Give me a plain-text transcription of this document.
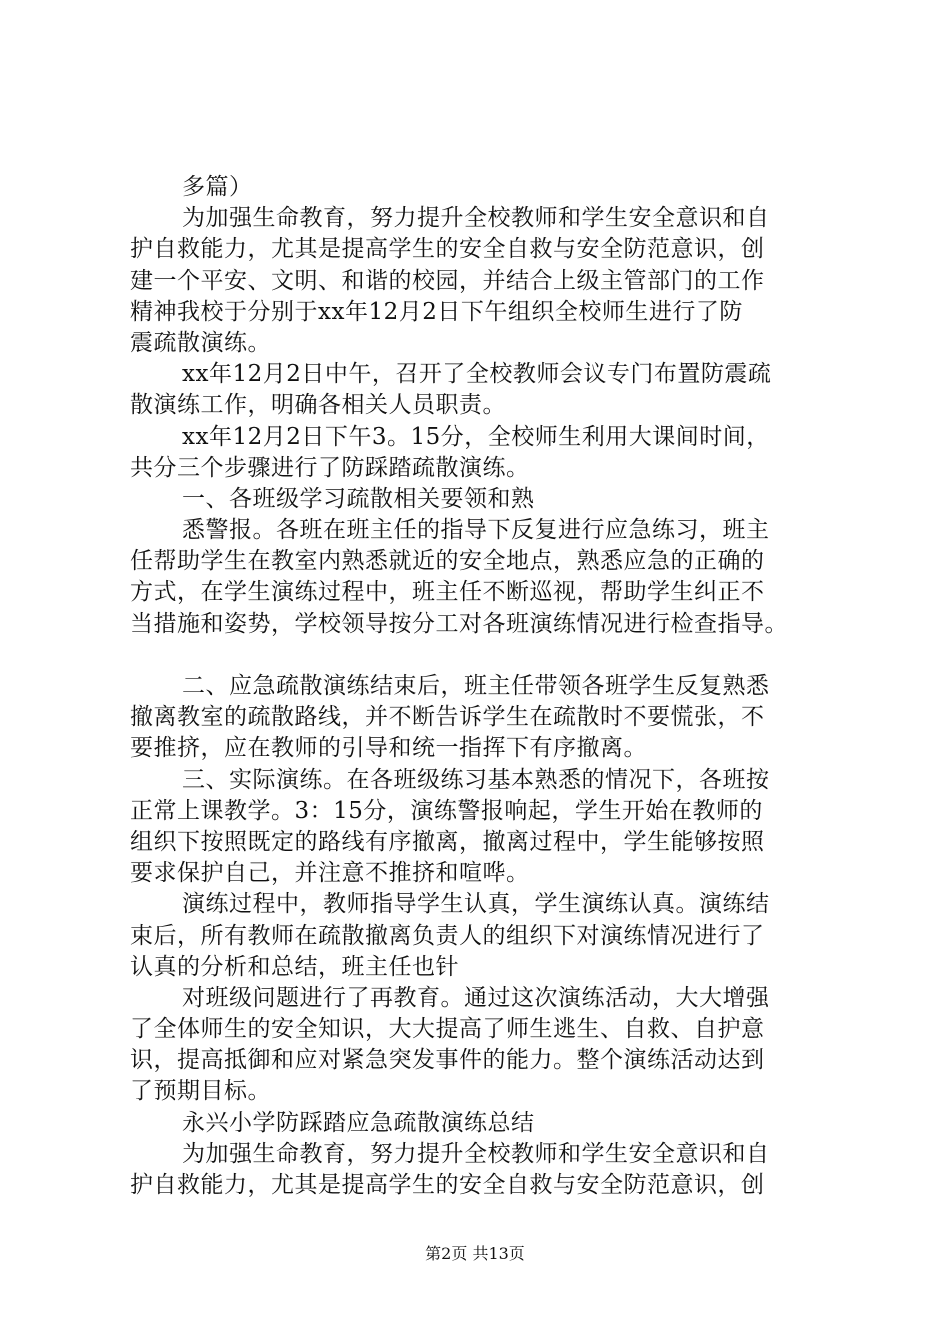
多篇）
为加强生命教育，努力提升全校教师和学生安全意识和自
护自救能力，尤其是提高学生的安全自救与安全防范意识，创
建一个平安、文明、和谐的校园，并结合上级主管部门的工作
精神我校于分别于xx年12月2日下午组织全校师生进行了防
震疏散演练。
xx年12月2日中午，召开了全校教师会议专门布置防震疏
散演练工作，明确各相关人员职责。
xx年12月2日下午3。15分，全校师生利用大课间时间，
共分三个步骤进行了防踩踏疏散演练。
一、各班级学习疏散相关要领和熟
悉警报。各班在班主任的指导下反复进行应急练习，班主
任帮助学生在教室内熟悉就近的安全地点，熟悉应急的正确的
方式，在学生演练过程中，班主任不断巡视，帮助学生纠正不
当措施和姿势，学校领导按分工对各班演练情况进行检查指导。
二、应急疏散演练结束后，班主任带领各班学生反复熟悉
撤离教室的疏散路线，并不断告诉学生在疏散时不要慌张，不
要推挤，应在教师的引导和统一指挥下有序撤离。
三、实际演练。在各班级练习基本熟悉的情况下，各班按
正常上课教学。3：15分，演练警报响起，学生开始在教师的
组织下按照既定的路线有序撤离，撤离过程中，学生能够按照
要求保护自己，并注意不推挤和喧哗。
演练过程中，教师指导学生认真，学生演练认真。演练结
束后，所有教师在疏散撤离负责人的组织下对演练情况进行了
认真的分析和总结，班主任也针
对班级问题进行了再教育。通过这次演练活动，大大增强
了全体师生的安全知识，大大提高了师生逃生、自救、自护意
识，提高抵御和应对紧急突发事件的能力。整个演练活动达到
了预期目标。
永兴小学防踩踏应急疏散演练总结
为加强生命教育，努力提升全校教师和学生安全意识和自
护自救能力，尤其是提高学生的安全自救与安全防范意识，创
第2页 共13页
